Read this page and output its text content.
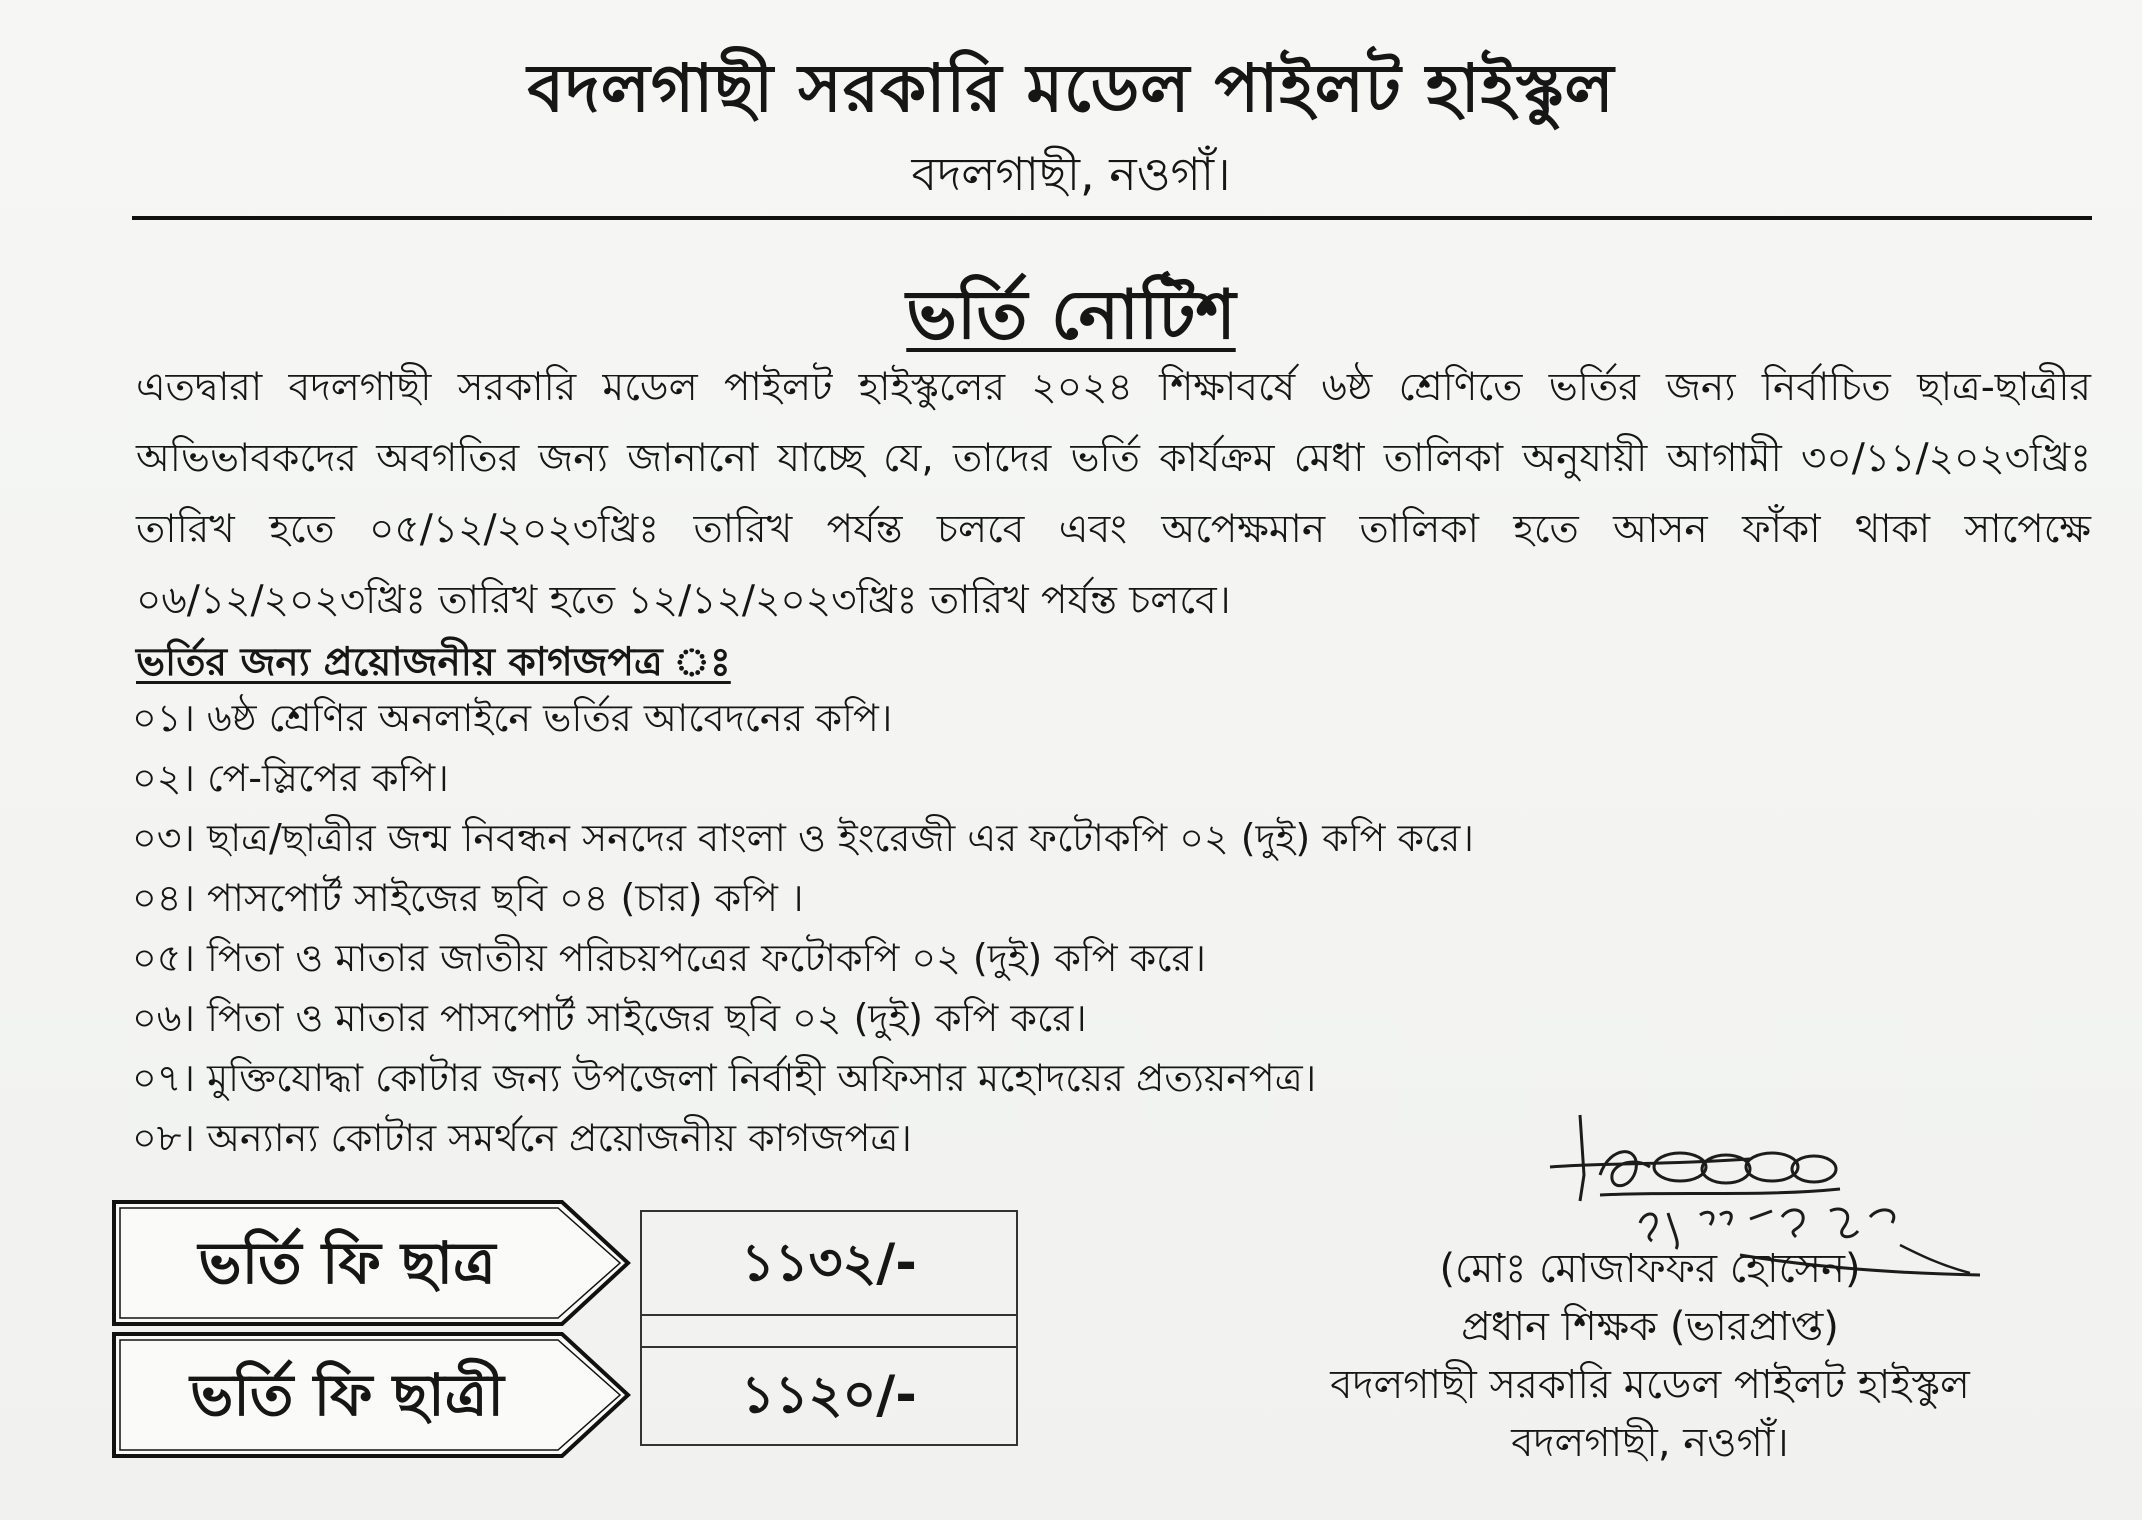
বদলগাছী সরকারি মডেল পাইলট হাইস্কুল
বদলগাছী, নওগাঁ।
ভর্তি নোটিশ
এতদ্বারা বদলগাছী সরকারি মডেল পাইলট হাইস্কুলের ২০২৪ শিক্ষাবর্ষে ৬ষ্ঠ শ্রেণিতে ভর্তির জন্য নির্বাচিত ছাত্র-ছাত্রীর অভিভাবকদের অবগতির জন্য জানানো যাচ্ছে যে, তাদের ভর্তি কার্যক্রম মেধা তালিকা অনুযায়ী আগামী ৩০/১১/২০২৩খ্রিঃ তারিখ হতে ০৫/১২/২০২৩খ্রিঃ তারিখ পর্যন্ত চলবে এবং অপেক্ষমান তালিকা হতে আসন ফাঁকা থাকা সাপেক্ষে ০৬/১২/২০২৩খ্রিঃ তারিখ হতে ১২/১২/২০২৩খ্রিঃ তারিখ পর্যন্ত চলবে।
ভর্তির জন্য প্রয়োজনীয় কাগজপত্র ঃ
০১। ৬ষ্ঠ শ্রেণির অনলাইনে ভর্তির আবেদনের কপি।
০২। পে-স্লিপের কপি।
০৩। ছাত্র/ছাত্রীর জন্ম নিবন্ধন সনদের বাংলা ও ইংরেজী এর ফটোকপি ০২ (দুই) কপি করে।
০৪। পাসপোর্ট সাইজের ছবি ০৪ (চার) কপি ।
০৫। পিতা ও মাতার জাতীয় পরিচয়পত্রের ফটোকপি ০২ (দুই) কপি করে।
০৬। পিতা ও মাতার পাসপোর্ট সাইজের ছবি ০২ (দুই) কপি করে।
০৭। মুক্তিযোদ্ধা কোটার জন্য উপজেলা নির্বাহী অফিসার মহোদয়ের প্রত্যয়নপত্র।
০৮। অন্যান্য কোটার সমর্থনে প্রয়োজনীয় কাগজপত্র।
ভর্তি ফি ছাত্র
ভর্তি ফি ছাত্রী
১১৩২/-
১১২০/-
(মোঃ মোজাফফর হোসেন)
প্রধান শিক্ষক (ভারপ্রাপ্ত)
বদলগাছী সরকারি মডেল পাইলট হাইস্কুল
বদলগাছী, নওগাঁ।
